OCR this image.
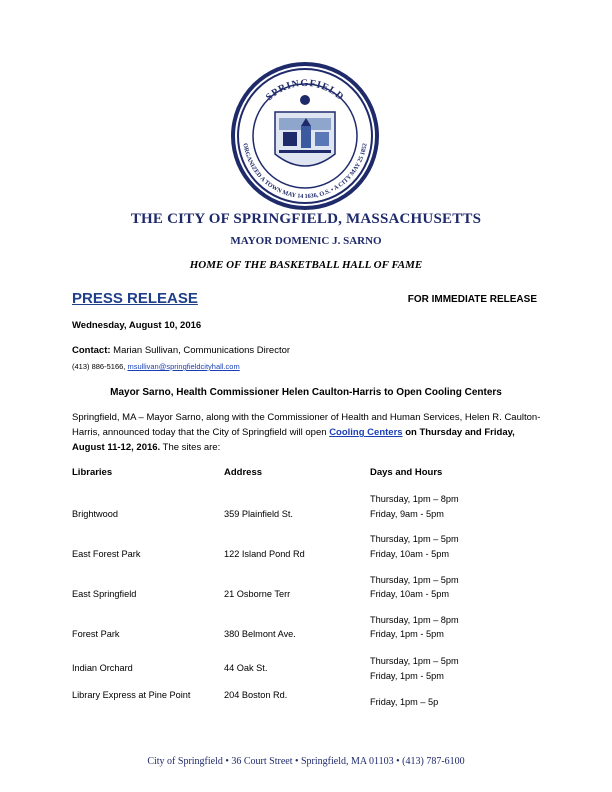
SPRINGFIELD
ORGANIZED A TOWN MAY 14 1636, O.S. • A CITY MAY 25 1852
THE CITY OF SPRINGFIELD, MASSACHUSETTS
MAYOR DOMENIC J. SARNO
HOME OF THE BASKETBALL HALL OF FAME
PRESS RELEASE	FOR IMMEDIATE RELEASE
Wednesday, August 10, 2016
Contact: Marian Sullivan, Communications Director
(413) 886-5166, msullivan@springfieldcityhall.com
Mayor Sarno, Health Commissioner Helen Caulton-Harris to Open Cooling Centers
Springfield, MA – Mayor Sarno, along with the Commissioner of Health and Human Services, Helen R. Caulton-Harris, announced today that the City of Springfield will open Cooling Centers on Thursday and Friday, August 11-12, 2016. The sites are:
Libraries	Address	Days and Hours
Brightwood	359 Plainfield St.
Thursday, 1pm – 8pm
Friday, 9am - 5pm
East Forest Park	122 Island Pond Rd
Thursday, 1pm – 5pm
Friday, 10am - 5pm
East Springfield	21 Osborne Terr
Thursday, 1pm – 5pm
Friday, 10am - 5pm
Forest Park	380 Belmont Ave.
Thursday, 1pm – 8pm
Friday, 1pm - 5pm
Indian Orchard	44 Oak St.
Thursday, 1pm – 5pm
Friday, 1pm - 5pm
Library Express at Pine Point	204 Boston Rd.
Friday, 1pm – 5p
City of Springfield • 36 Court Street • Springfield, MA 01103 • (413) 787-6100
